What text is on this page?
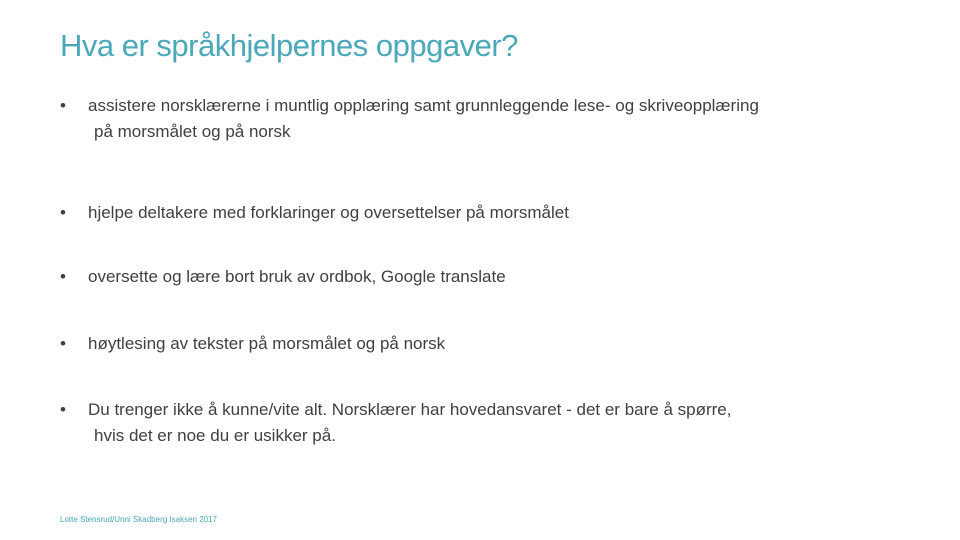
Hva er språkhjelpernes oppgaver?
•	assistere norsklærerne i muntlig opplæring samt grunnleggende lese- og skriveopplæring
på morsmålet og på norsk
•	hjelpe deltakere med forklaringer og oversettelser på morsmålet
•	oversette og lære bort bruk av ordbok, Google translate
•	høytlesing av tekster på morsmålet og på norsk
•	Du trenger ikke å kunne/vite alt. Norsklærer har hovedansvaret - det er bare å spørre,
hvis det er noe du er usikker på.
Lotte Stensrud/Unni Skadberg Isaksen 2017
